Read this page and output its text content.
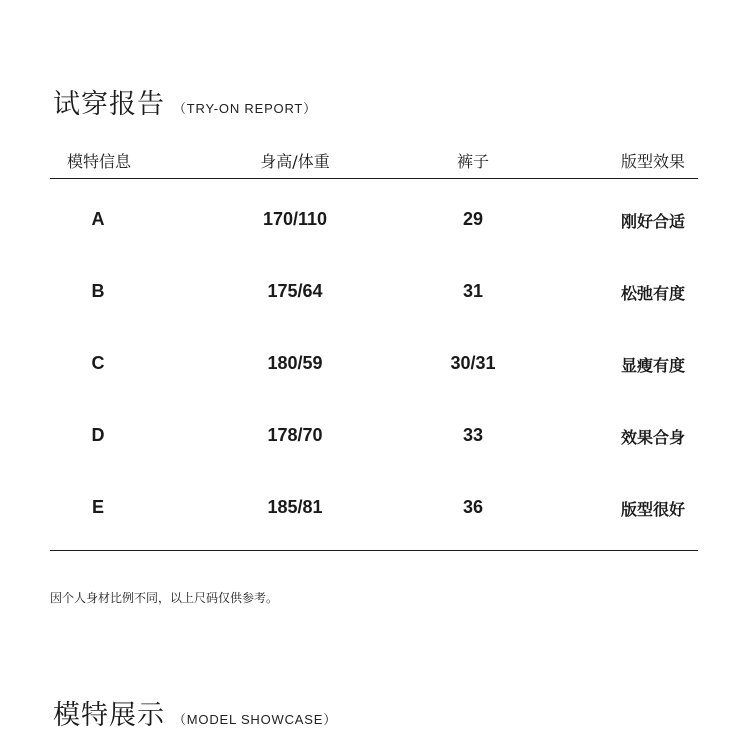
试穿报告 （TRY-ON REPORT）
模特信息	身高/体重	裤子	版型效果
A	170/110	29	刚好合适
B	175/64	31	松弛有度
C	180/59	30/31	显瘦有度
D	178/70	33	效果合身
E	185/81	36	版型很好
因个人身材比例不同，以上尺码仅供参考。
模特展示 （MODEL SHOWCASE）
